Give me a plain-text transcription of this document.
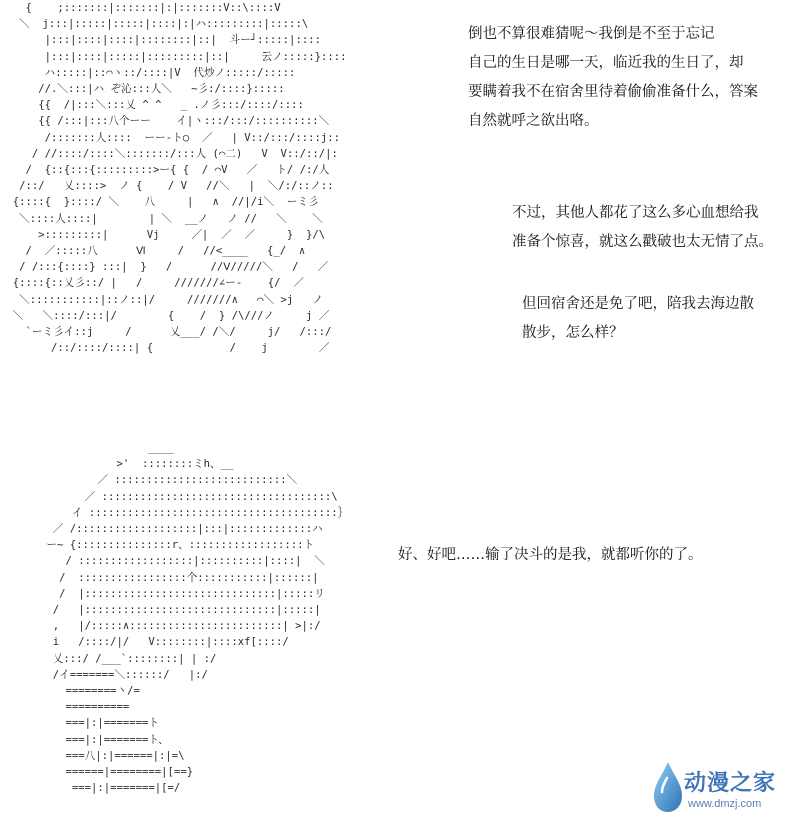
{    ;:::::::|:::::::|:|:::::::V::\::::V
＼  j:::|:::::|:::::|::::|:|ハ:::::::::|:::::\
|:::|::::|::::|::::::::|::|  斗ー┘:::::|::::
|:::|::::|:::::|:::::::::|::|     ̄云ノ:::::}::::
ハ:::::|::⌒ヽ::/::::|V  代炒ノ:::::/:::::
//.＼:::|ハ ぞ沁:::人＼   ~彡:/::::}:::::
{{  /|:::＼:::乂 ^ ^   _ .ノ彡:::/::::/::::
{{ /:::|:::八个ーー    イ|ヽ:::/:::/::::::::::＼
/:::::::人::::  ーー‐ト○  ／   | V::/:::/::::j::
/ //::::/::::＼:::::::/:::人 (⌒二)   V  V::/::/|:
/  {::{:::{:::::::::>ー{ {  / ⌒V   ／   ト/ /:/人
/::/   乂::::>  ノ {    / V   //＼   |  ＼/:/::ノ::
{::::{  }::::/ ＼    八     |   ∧  //|/i＼  ーミ彡
＼::::人::::|        | ＼  __ノ   ノ //   ＼    ＼
>:::::::::|      Vj     ／|  ／  ／     }  }/\
/  ／:::::八      Ⅵ     /   //<____   {_/  ∧
/ /:::{::::} :::|  }   /      //Ⅴ/////＼   /   ／
{::::{::乂彡::/ |   /     ///////∠ー‐    {/  ／
＼:::::::::::|::ノ::|/     ///////∧   ⌒＼ >j   ノ
＼   ＼::::/:::|/        {    /  } /\///ノ     j ／
`ーミ彡イ::j     /      乂___/ /＼/     j/   /:::/
/::/::::/::::| {            /    j        ／
____
>'  ::::::::ミh、__
／ :::::::::::::::::::::::::::＼
／ ::::::::::::::::::::::::::::::::::::\
イ :::::::::::::::::::::::::::::::::::::::｝
／ /:::::::::::::::::::|:::|:::::::::::::ハ
ー~ {:::::::::::::::r、::::::::::::::::::ト
/ ::::::::::::::::::|::::::::::|::::|  ＼
/  :::::::::::::::::个:::::::::::|::::::|
/  |::::::::::::::::::::::::::::::|:::::リ
/   |::::::::::::::::::::::::::::::|:::::|
,   |/:::::∧::::::::::::::::::::::::| >|:/
i   /::::/|/   V::::::::|::::xf[::::/
乂:::/ /___`::::::::| | :/
/イ=======＼::::::/   |:/
========丶/=
==========
===|:|=======ト
===|:|=======ト、
===八|:|======|:|=\
======|========|[==}
===|:|=======|[=/

倒也不算很难猜呢～我倒是不至于忘记

自己的生日是哪一天，临近我的生日了，却

要瞒着我不在宿舍里待着偷偷准备什么，答案

自然就呼之欲出咯。

不过，其他人都花了这么多心血想给我

准备个惊喜，就这么戳破也太无情了点。

但回宿舍还是免了吧，陪我去海边散

散步，怎么样？

好、好吧……输了决斗的是我，就都听你的了。

动漫之家
www.dmzj.com
